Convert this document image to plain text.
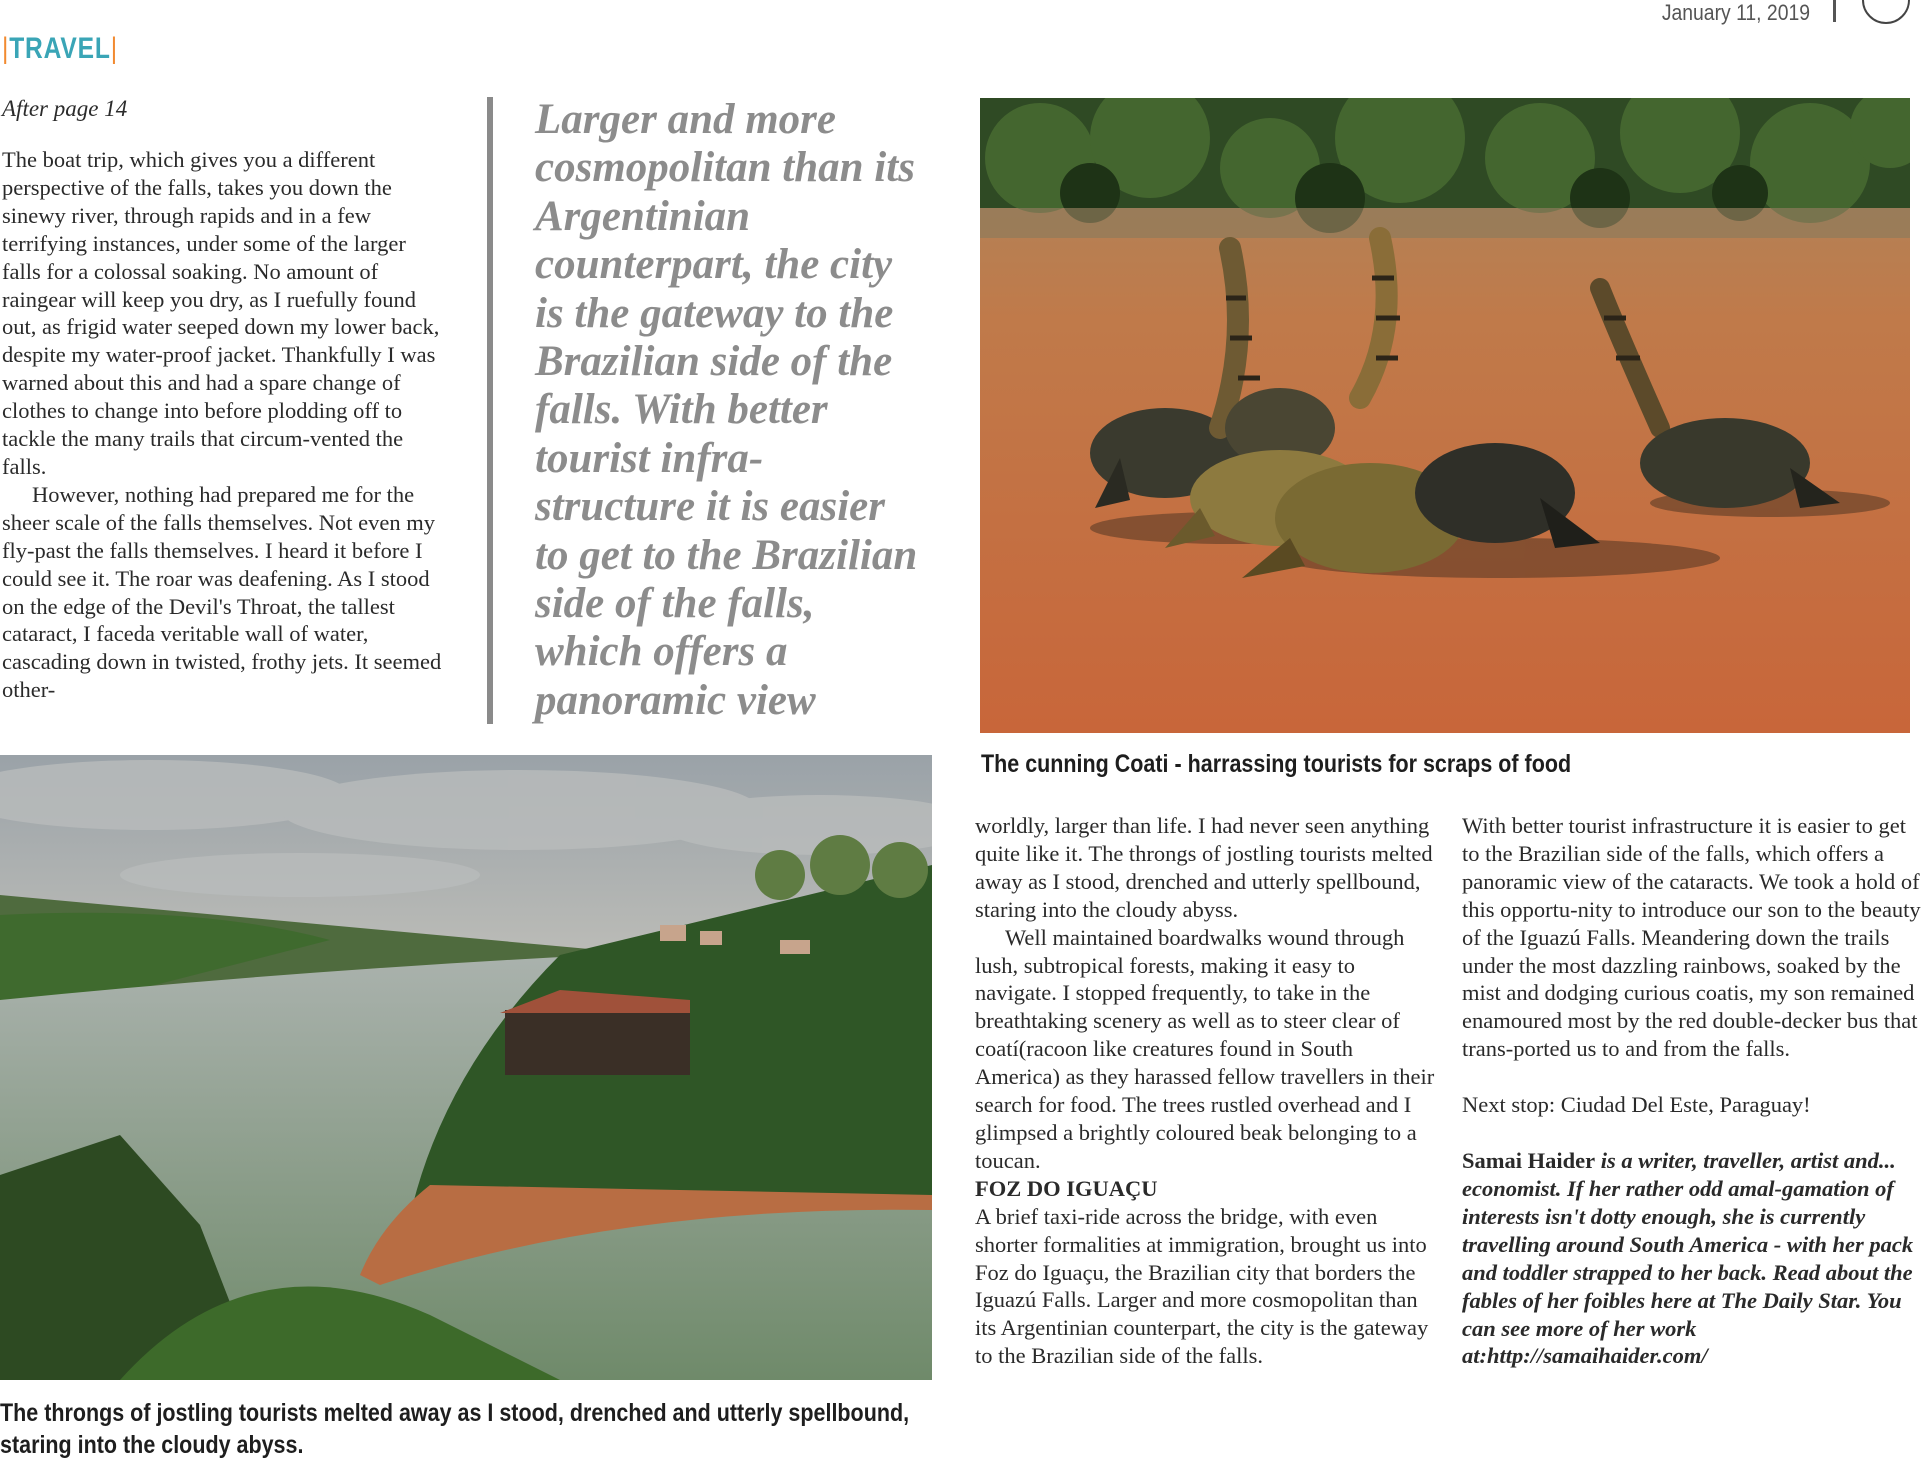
January 11, 2019
|TRAVEL|
After page 14

The boat trip, which gives you a different perspective of the falls, takes you down the sinewy river, through rapids and in a few terrifying instances, under some of the larger falls for a colossal soaking. No amount of raingear will keep you dry, as I ruefully found out, as frigid water seeped down my lower back, despite my water-proof jacket. Thankfully I was warned about this and had a spare change of clothes to change into before plodding off to tackle the many trails that circum-vented the falls.

However, nothing had prepared me for the sheer scale of the falls themselves. Not even my fly-past the falls themselves. I heard it before I could see it. The roar was deafening. As I stood on the edge of the Devil's Throat, the tallest cataract, I faceda veritable wall of water, cascading down in twisted, frothy jets. It seemed other-

Larger and more cosmopolitan than its Argentinian counterpart, the city is the gateway to the Brazilian side of the falls. With better tourist infra-structure it is easier to get to the Brazilian side of the falls, which offers a panoramic view
The cunning Coati - harrassing tourists for scraps of food
The throngs of jostling tourists melted away as I stood, drenched and utterly spellbound, staring into the cloudy abyss.

worldly, larger than life. I had never seen anything quite like it. The throngs of jostling tourists melted away as I stood, drenched and utterly spellbound, staring into the cloudy abyss.

Well maintained boardwalks wound through lush, subtropical forests, making it easy to navigate. I stopped frequently, to take in the breathtaking scenery as well as to steer clear of coatí(racoon like creatures found in South America) as they harassed fellow travellers in their search for food. The trees rustled overhead and I glimpsed a brightly coloured beak belonging to a toucan.

FOZ DO IGUAÇU

A brief taxi-ride across the bridge, with even shorter formalities at immigration, brought us into Foz do Iguaçu, the Brazilian city that borders the Iguazú Falls. Larger and more cosmopolitan than its Argentinian counterpart, the city is the gateway to the Brazilian side of the falls.

With better tourist infrastructure it is easier to get to the Brazilian side of the falls, which offers a panoramic view of the cataracts. We took a hold of this opportu-nity to introduce our son to the beauty of the Iguazú Falls. Meandering down the trails under the most dazzling rainbows, soaked by the mist and dodging curious coatis, my son remained enamoured most by the red double-decker bus that trans-ported us to and from the falls.

Next stop: Ciudad Del Este, Paraguay!

Samai Haider is a writer, traveller, artist and... economist. If her rather odd amal-gamation of interests isn't dotty enough, she is currently travelling around South America - with her pack and toddler strapped to her back. Read about the fables of her foibles here at The Daily Star. You can see more of her work at:http://samaihaider.com/
